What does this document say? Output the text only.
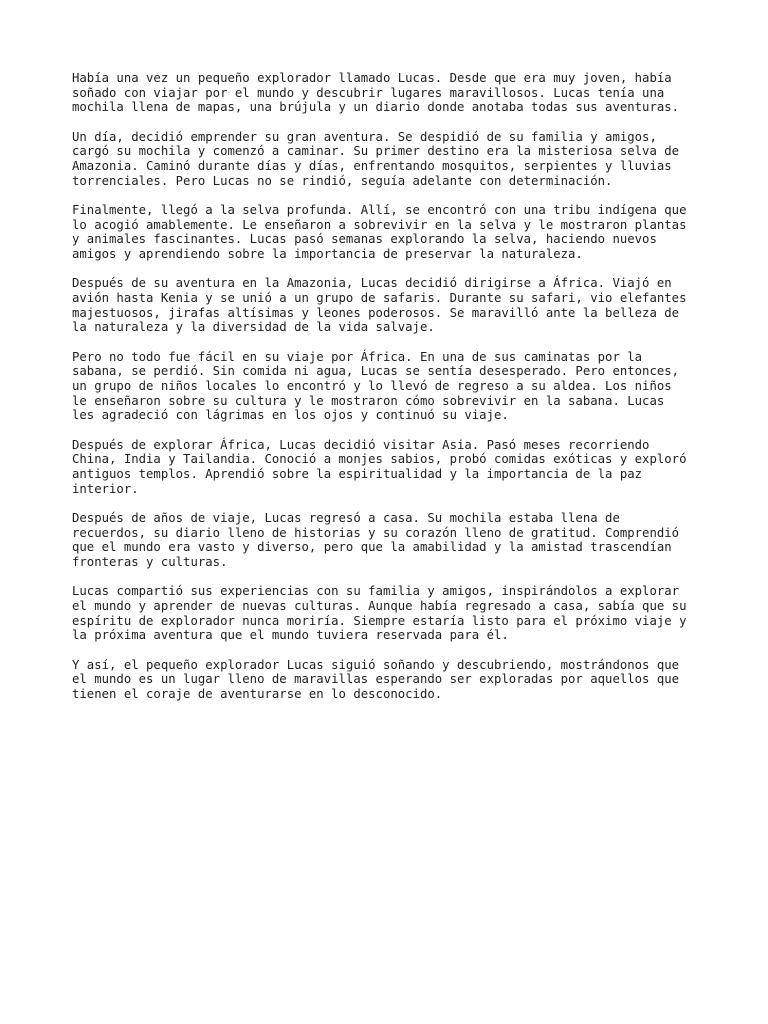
Había una vez un pequeño explorador llamado Lucas. Desde que era muy joven, había
soñado con viajar por el mundo y descubrir lugares maravillosos. Lucas tenía una
mochila llena de mapas, una brújula y un diario donde anotaba todas sus aventuras.
Un día, decidió emprender su gran aventura. Se despidió de su familia y amigos,
cargó su mochila y comenzó a caminar. Su primer destino era la misteriosa selva de
Amazonia. Caminó durante días y días, enfrentando mosquitos, serpientes y lluvias
torrenciales. Pero Lucas no se rindió, seguía adelante con determinación.
Finalmente, llegó a la selva profunda. Allí, se encontró con una tribu indígena que
lo acogió amablemente. Le enseñaron a sobrevivir en la selva y le mostraron plantas
y animales fascinantes. Lucas pasó semanas explorando la selva, haciendo nuevos
amigos y aprendiendo sobre la importancia de preservar la naturaleza.
Después de su aventura en la Amazonia, Lucas decidió dirigirse a África. Viajó en
avión hasta Kenia y se unió a un grupo de safaris. Durante su safari, vio elefantes
majestuosos, jirafas altísimas y leones poderosos. Se maravilló ante la belleza de
la naturaleza y la diversidad de la vida salvaje.
Pero no todo fue fácil en su viaje por África. En una de sus caminatas por la
sabana, se perdió. Sin comida ni agua, Lucas se sentía desesperado. Pero entonces,
un grupo de niños locales lo encontró y lo llevó de regreso a su aldea. Los niños
le enseñaron sobre su cultura y le mostraron cómo sobrevivir en la sabana. Lucas
les agradeció con lágrimas en los ojos y continuó su viaje.
Después de explorar África, Lucas decidió visitar Asia. Pasó meses recorriendo
China, India y Tailandia. Conoció a monjes sabios, probó comidas exóticas y exploró
antiguos templos. Aprendió sobre la espiritualidad y la importancia de la paz
interior.
Después de años de viaje, Lucas regresó a casa. Su mochila estaba llena de
recuerdos, su diario lleno de historias y su corazón lleno de gratitud. Comprendió
que el mundo era vasto y diverso, pero que la amabilidad y la amistad trascendían
fronteras y culturas.
Lucas compartió sus experiencias con su familia y amigos, inspirándolos a explorar
el mundo y aprender de nuevas culturas. Aunque había regresado a casa, sabía que su
espíritu de explorador nunca moriría. Siempre estaría listo para el próximo viaje y
la próxima aventura que el mundo tuviera reservada para él.
Y así, el pequeño explorador Lucas siguió soñando y descubriendo, mostrándonos que
el mundo es un lugar lleno de maravillas esperando ser exploradas por aquellos que
tienen el coraje de aventurarse en lo desconocido.
